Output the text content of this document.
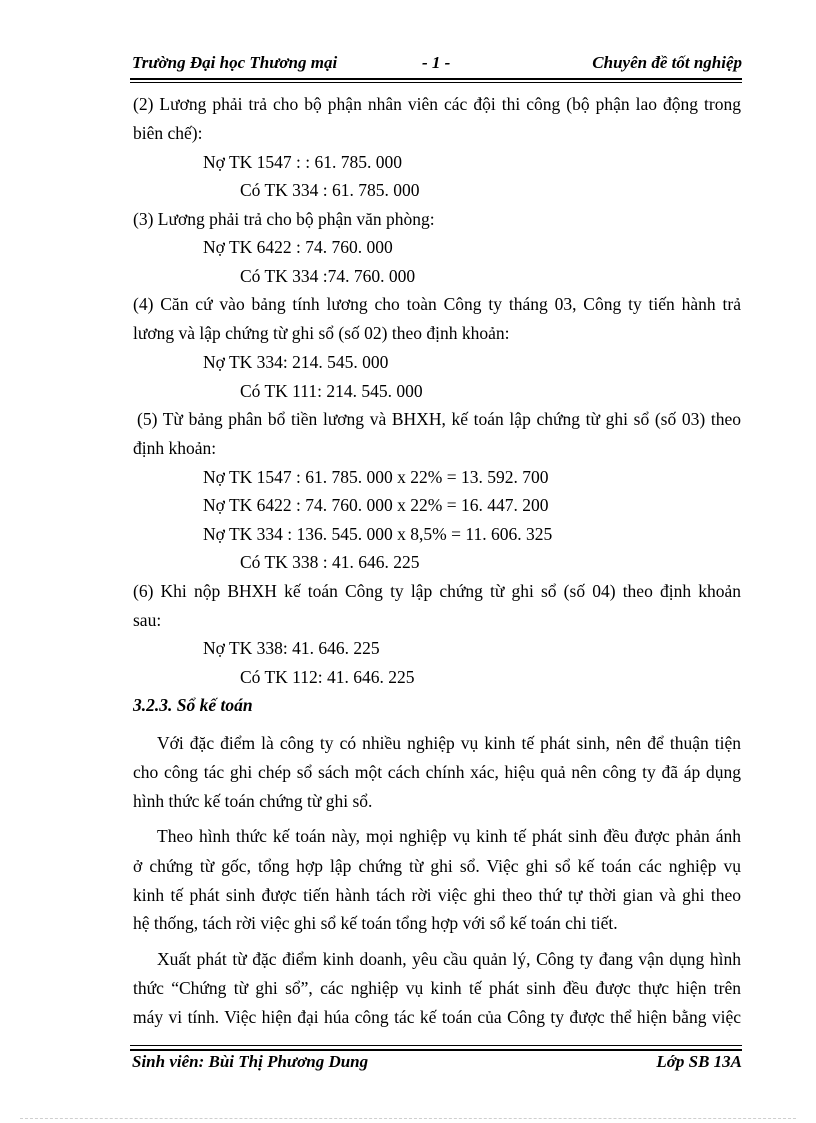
Trường Đại học Thương mại	- 1 -	Chuyên đề tốt nghiệp
(2) Lương phải trả cho bộ phận nhân viên các đội thi công (bộ phận lao động trong
biên chế):
Nợ TK 1547 : : 61. 785. 000
Có TK 334 : 61. 785. 000
(3) Lương phải trả cho bộ phận văn phòng:
Nợ TK 6422 : 74. 760. 000
Có TK 334 :74. 760. 000
(4) Căn cứ vào bảng tính lương cho toàn Công ty tháng 03, Công ty tiến hành trả
lương và lập chứng từ ghi sổ (số 02) theo định khoản:
Nợ TK 334: 214. 545. 000
Có TK 111: 214. 545. 000
(5) Từ bảng phân bổ tiền lương và BHXH, kế toán lập chứng từ ghi sổ (số 03) theo
định khoản:
Nợ TK 1547 : 61. 785. 000 x 22% = 13. 592. 700
Nợ TK 6422 : 74. 760. 000 x 22% = 16. 447. 200
Nợ TK 334 : 136. 545. 000 x 8,5% = 11. 606. 325
Có TK 338 : 41. 646. 225
(6) Khi nộp BHXH kế toán Công ty lập chứng từ ghi sổ (số 04) theo định khoản
sau:
Nợ TK 338: 41. 646. 225
Có TK 112: 41. 646. 225
3.2.3. Sổ kế toán
Với đặc điểm là công ty có nhiều nghiệp vụ kinh tế phát sinh, nên để thuận tiện
cho công tác ghi chép sổ sách một cách chính xác, hiệu quả nên công ty đã áp dụng
hình thức kế toán chứng từ ghi sổ.
Theo hình thức kế toán này, mọi nghiệp vụ kinh tế phát sinh đều được phản ánh
ở chứng từ gốc, tổng hợp lập chứng từ ghi sổ. Việc ghi sổ kế toán các nghiệp vụ
kinh tế phát sinh được tiến hành tách rời việc ghi theo thứ tự thời gian và ghi theo
hệ thống, tách rời việc ghi sổ kế toán tổng hợp với sổ kế toán chi tiết.
Xuất phát từ đặc điểm kinh doanh, yêu cầu quản lý, Công ty đang vận dụng hình
thức “Chứng từ ghi sổ”, các nghiệp vụ kinh tế phát sinh đều được thực hiện trên
máy vi tính. Việc hiện đại húa công tác kế toán của Công ty được thể hiện bằng việc
Sinh viên: Bùi Thị Phương Dung	Lớp SB 13A
